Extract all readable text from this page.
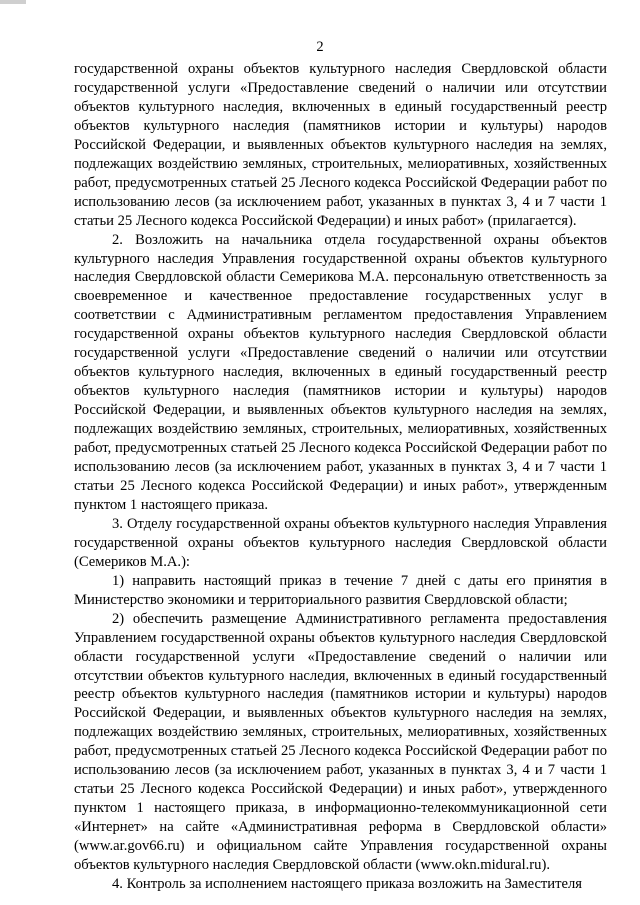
2

государственной охраны объектов культурного наследия Свердловской области государственной услуги «Предоставление сведений о наличии или отсутствии объектов культурного наследия, включенных в единый государственный реестр объектов культурного наследия (памятников истории и культуры) народов Российской Федерации, и выявленных объектов культурного наследия на землях, подлежащих воздействию земляных, строительных, мелиоративных, хозяйственных работ, предусмотренных статьей 25 Лесного кодекса Российской Федерации работ по использованию лесов (за исключением работ, указанных в пунктах 3, 4 и 7 части 1 статьи 25 Лесного кодекса Российской Федерации) и иных работ» (прилагается).

2. Возложить на начальника отдела государственной охраны объектов культурного наследия Управления государственной охраны объектов культурного наследия Свердловской области Семерикова М.А. персональную ответственность за своевременное и качественное предоставление государственных услуг в соответствии с Административным регламентом предоставления Управлением государственной охраны объектов культурного наследия Свердловской области государственной услуги «Предоставление сведений о наличии или отсутствии объектов культурного наследия, включенных в единый государственный реестр объектов культурного наследия (памятников истории и культуры) народов Российской Федерации, и выявленных объектов культурного наследия на землях, подлежащих воздействию земляных, строительных, мелиоративных, хозяйственных работ, предусмотренных статьей 25 Лесного кодекса Российской Федерации работ по использованию лесов (за исключением работ, указанных в пунктах 3, 4 и 7 части 1 статьи 25 Лесного кодекса Российской Федерации) и иных работ», утвержденным пунктом 1 настоящего приказа.

3. Отделу государственной охраны объектов культурного наследия Управления государственной охраны объектов культурного наследия Свердловской области (Семериков М.А.):

1) направить настоящий приказ в течение 7 дней с даты его принятия в Министерство экономики и территориального развития Свердловской области;

2) обеспечить размещение Административного регламента предоставления Управлением государственной охраны объектов культурного наследия Свердловской области государственной услуги «Предоставление сведений о наличии или отсутствии объектов культурного наследия, включенных в единый государственный реестр объектов культурного наследия (памятников истории и культуры) народов Российской Федерации, и выявленных объектов культурного наследия на землях, подлежащих воздействию земляных, строительных, мелиоративных, хозяйственных работ, предусмотренных статьей 25 Лесного кодекса Российской Федерации работ по использованию лесов (за исключением работ, указанных в пунктах 3, 4 и 7 части 1 статьи 25 Лесного кодекса Российской Федерации) и иных работ», утвержденного пунктом 1 настоящего приказа, в информационно-телекоммуникационной сети «Интернет» на сайте «Административная реформа в Свердловской области» (www.ar.gov66.ru) и официальном сайте Управления государственной охраны объектов культурного наследия Свердловской области (www.okn.midural.ru).

4. Контроль за исполнением настоящего приказа возложить на Заместителя
